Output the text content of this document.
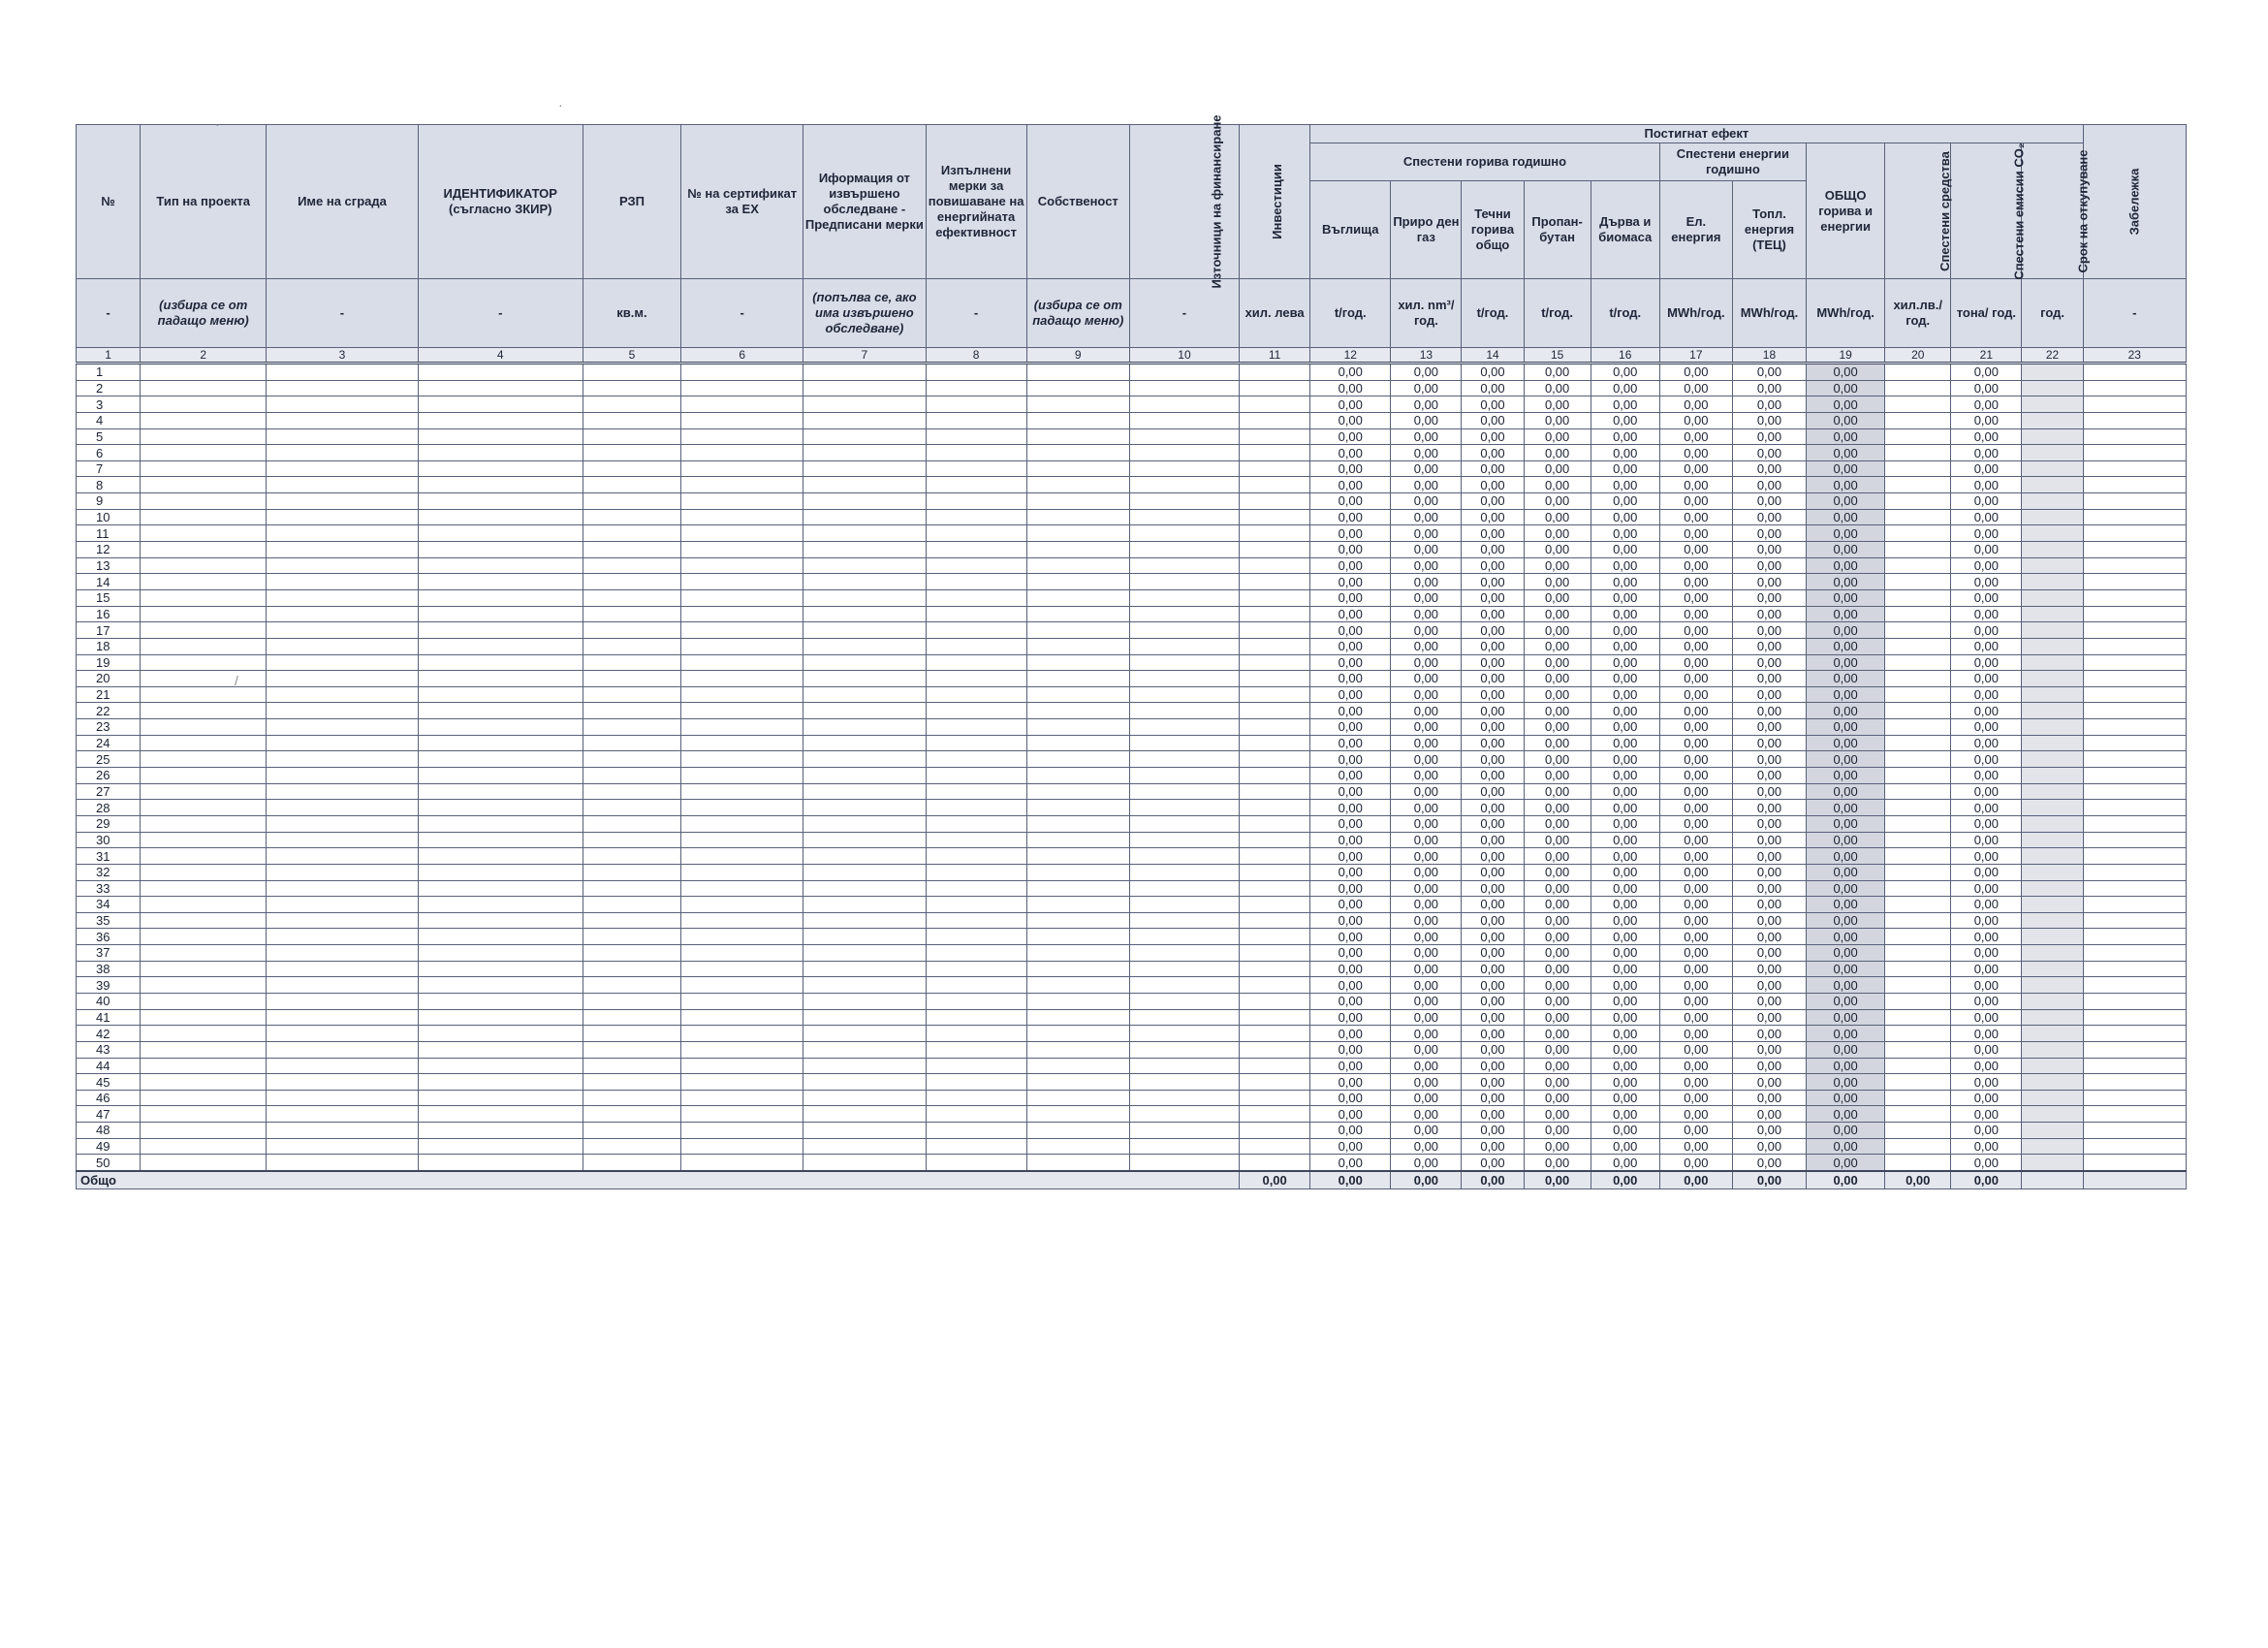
№	Тип на проекта	Име на сграда	ИДЕНТИФИКАТОР (съгласно ЗКИР)	РЗП	№ на сертификат за ЕХ	Иформация от извършено обследване - Предписани мерки	Изпълнени мерки за повишаване на енергийната ефективност	Собственост	Източници на финансиране	Инвестиции	Постигнат ефект											Забележка
											Спестени горива годишно					Спестени енергии годишно		ОБЩО горива и енергии	Спестени средства	Спестени емисии CO₂	Срок на откупуване	
											Въглища	Приро ден газ	Течни горива общо	Пропан-бутан	Дърва и биомаса	Ел. енергия	Топл. енергия (ТЕЦ)					
-	(избира се от падащо меню)	-	-	кв.м.	-	(попълва се, ако има извършено обследване)	-	(избира се от падащо меню)	-	хил. лева	t/год.	хил. nm³/год.	t/год.	t/год.	t/год.	MWh/год.	MWh/год.	MWh/год.	хил.лв./ год.	тона/ год.	год.	-
1	2	3	4	5	6	7	8	9	10	11	12	13	14	15	16	17	18	19	20	21	22	23
1											0,00	0,00	0,00	0,00	0,00	0,00	0,00	0,00		0,00		
2											0,00	0,00	0,00	0,00	0,00	0,00	0,00	0,00		0,00		
3											0,00	0,00	0,00	0,00	0,00	0,00	0,00	0,00		0,00		
4											0,00	0,00	0,00	0,00	0,00	0,00	0,00	0,00		0,00		
5											0,00	0,00	0,00	0,00	0,00	0,00	0,00	0,00		0,00		
6											0,00	0,00	0,00	0,00	0,00	0,00	0,00	0,00		0,00		
7											0,00	0,00	0,00	0,00	0,00	0,00	0,00	0,00		0,00		
8											0,00	0,00	0,00	0,00	0,00	0,00	0,00	0,00		0,00		
9											0,00	0,00	0,00	0,00	0,00	0,00	0,00	0,00		0,00		
10											0,00	0,00	0,00	0,00	0,00	0,00	0,00	0,00		0,00		
11											0,00	0,00	0,00	0,00	0,00	0,00	0,00	0,00		0,00		
12											0,00	0,00	0,00	0,00	0,00	0,00	0,00	0,00		0,00		
13											0,00	0,00	0,00	0,00	0,00	0,00	0,00	0,00		0,00		
14											0,00	0,00	0,00	0,00	0,00	0,00	0,00	0,00		0,00		
15											0,00	0,00	0,00	0,00	0,00	0,00	0,00	0,00		0,00		
16											0,00	0,00	0,00	0,00	0,00	0,00	0,00	0,00		0,00		
17											0,00	0,00	0,00	0,00	0,00	0,00	0,00	0,00		0,00		
18											0,00	0,00	0,00	0,00	0,00	0,00	0,00	0,00		0,00		
19											0,00	0,00	0,00	0,00	0,00	0,00	0,00	0,00		0,00		
20											0,00	0,00	0,00	0,00	0,00	0,00	0,00	0,00		0,00		
21											0,00	0,00	0,00	0,00	0,00	0,00	0,00	0,00		0,00		
22											0,00	0,00	0,00	0,00	0,00	0,00	0,00	0,00		0,00		
23											0,00	0,00	0,00	0,00	0,00	0,00	0,00	0,00		0,00		
24											0,00	0,00	0,00	0,00	0,00	0,00	0,00	0,00		0,00		
25											0,00	0,00	0,00	0,00	0,00	0,00	0,00	0,00		0,00		
26											0,00	0,00	0,00	0,00	0,00	0,00	0,00	0,00		0,00		
27											0,00	0,00	0,00	0,00	0,00	0,00	0,00	0,00		0,00		
28											0,00	0,00	0,00	0,00	0,00	0,00	0,00	0,00		0,00		
29											0,00	0,00	0,00	0,00	0,00	0,00	0,00	0,00		0,00		
30											0,00	0,00	0,00	0,00	0,00	0,00	0,00	0,00		0,00		
31											0,00	0,00	0,00	0,00	0,00	0,00	0,00	0,00		0,00		
32											0,00	0,00	0,00	0,00	0,00	0,00	0,00	0,00		0,00		
33											0,00	0,00	0,00	0,00	0,00	0,00	0,00	0,00		0,00		
34											0,00	0,00	0,00	0,00	0,00	0,00	0,00	0,00		0,00		
35											0,00	0,00	0,00	0,00	0,00	0,00	0,00	0,00		0,00		
36											0,00	0,00	0,00	0,00	0,00	0,00	0,00	0,00		0,00		
37											0,00	0,00	0,00	0,00	0,00	0,00	0,00	0,00		0,00		
38											0,00	0,00	0,00	0,00	0,00	0,00	0,00	0,00		0,00		
39											0,00	0,00	0,00	0,00	0,00	0,00	0,00	0,00		0,00		
40											0,00	0,00	0,00	0,00	0,00	0,00	0,00	0,00		0,00		
41											0,00	0,00	0,00	0,00	0,00	0,00	0,00	0,00		0,00		
42											0,00	0,00	0,00	0,00	0,00	0,00	0,00	0,00		0,00		
43											0,00	0,00	0,00	0,00	0,00	0,00	0,00	0,00		0,00		
44											0,00	0,00	0,00	0,00	0,00	0,00	0,00	0,00		0,00		
45											0,00	0,00	0,00	0,00	0,00	0,00	0,00	0,00		0,00		
46											0,00	0,00	0,00	0,00	0,00	0,00	0,00	0,00		0,00		
47											0,00	0,00	0,00	0,00	0,00	0,00	0,00	0,00		0,00		
48											0,00	0,00	0,00	0,00	0,00	0,00	0,00	0,00		0,00		
49											0,00	0,00	0,00	0,00	0,00	0,00	0,00	0,00		0,00		
50											0,00	0,00	0,00	0,00	0,00	0,00	0,00	0,00		0,00		
Общо										0,00	0,00	0,00	0,00	0,00	0,00	0,00	0,00	0,00	0,00	0,00		
·
·
/
